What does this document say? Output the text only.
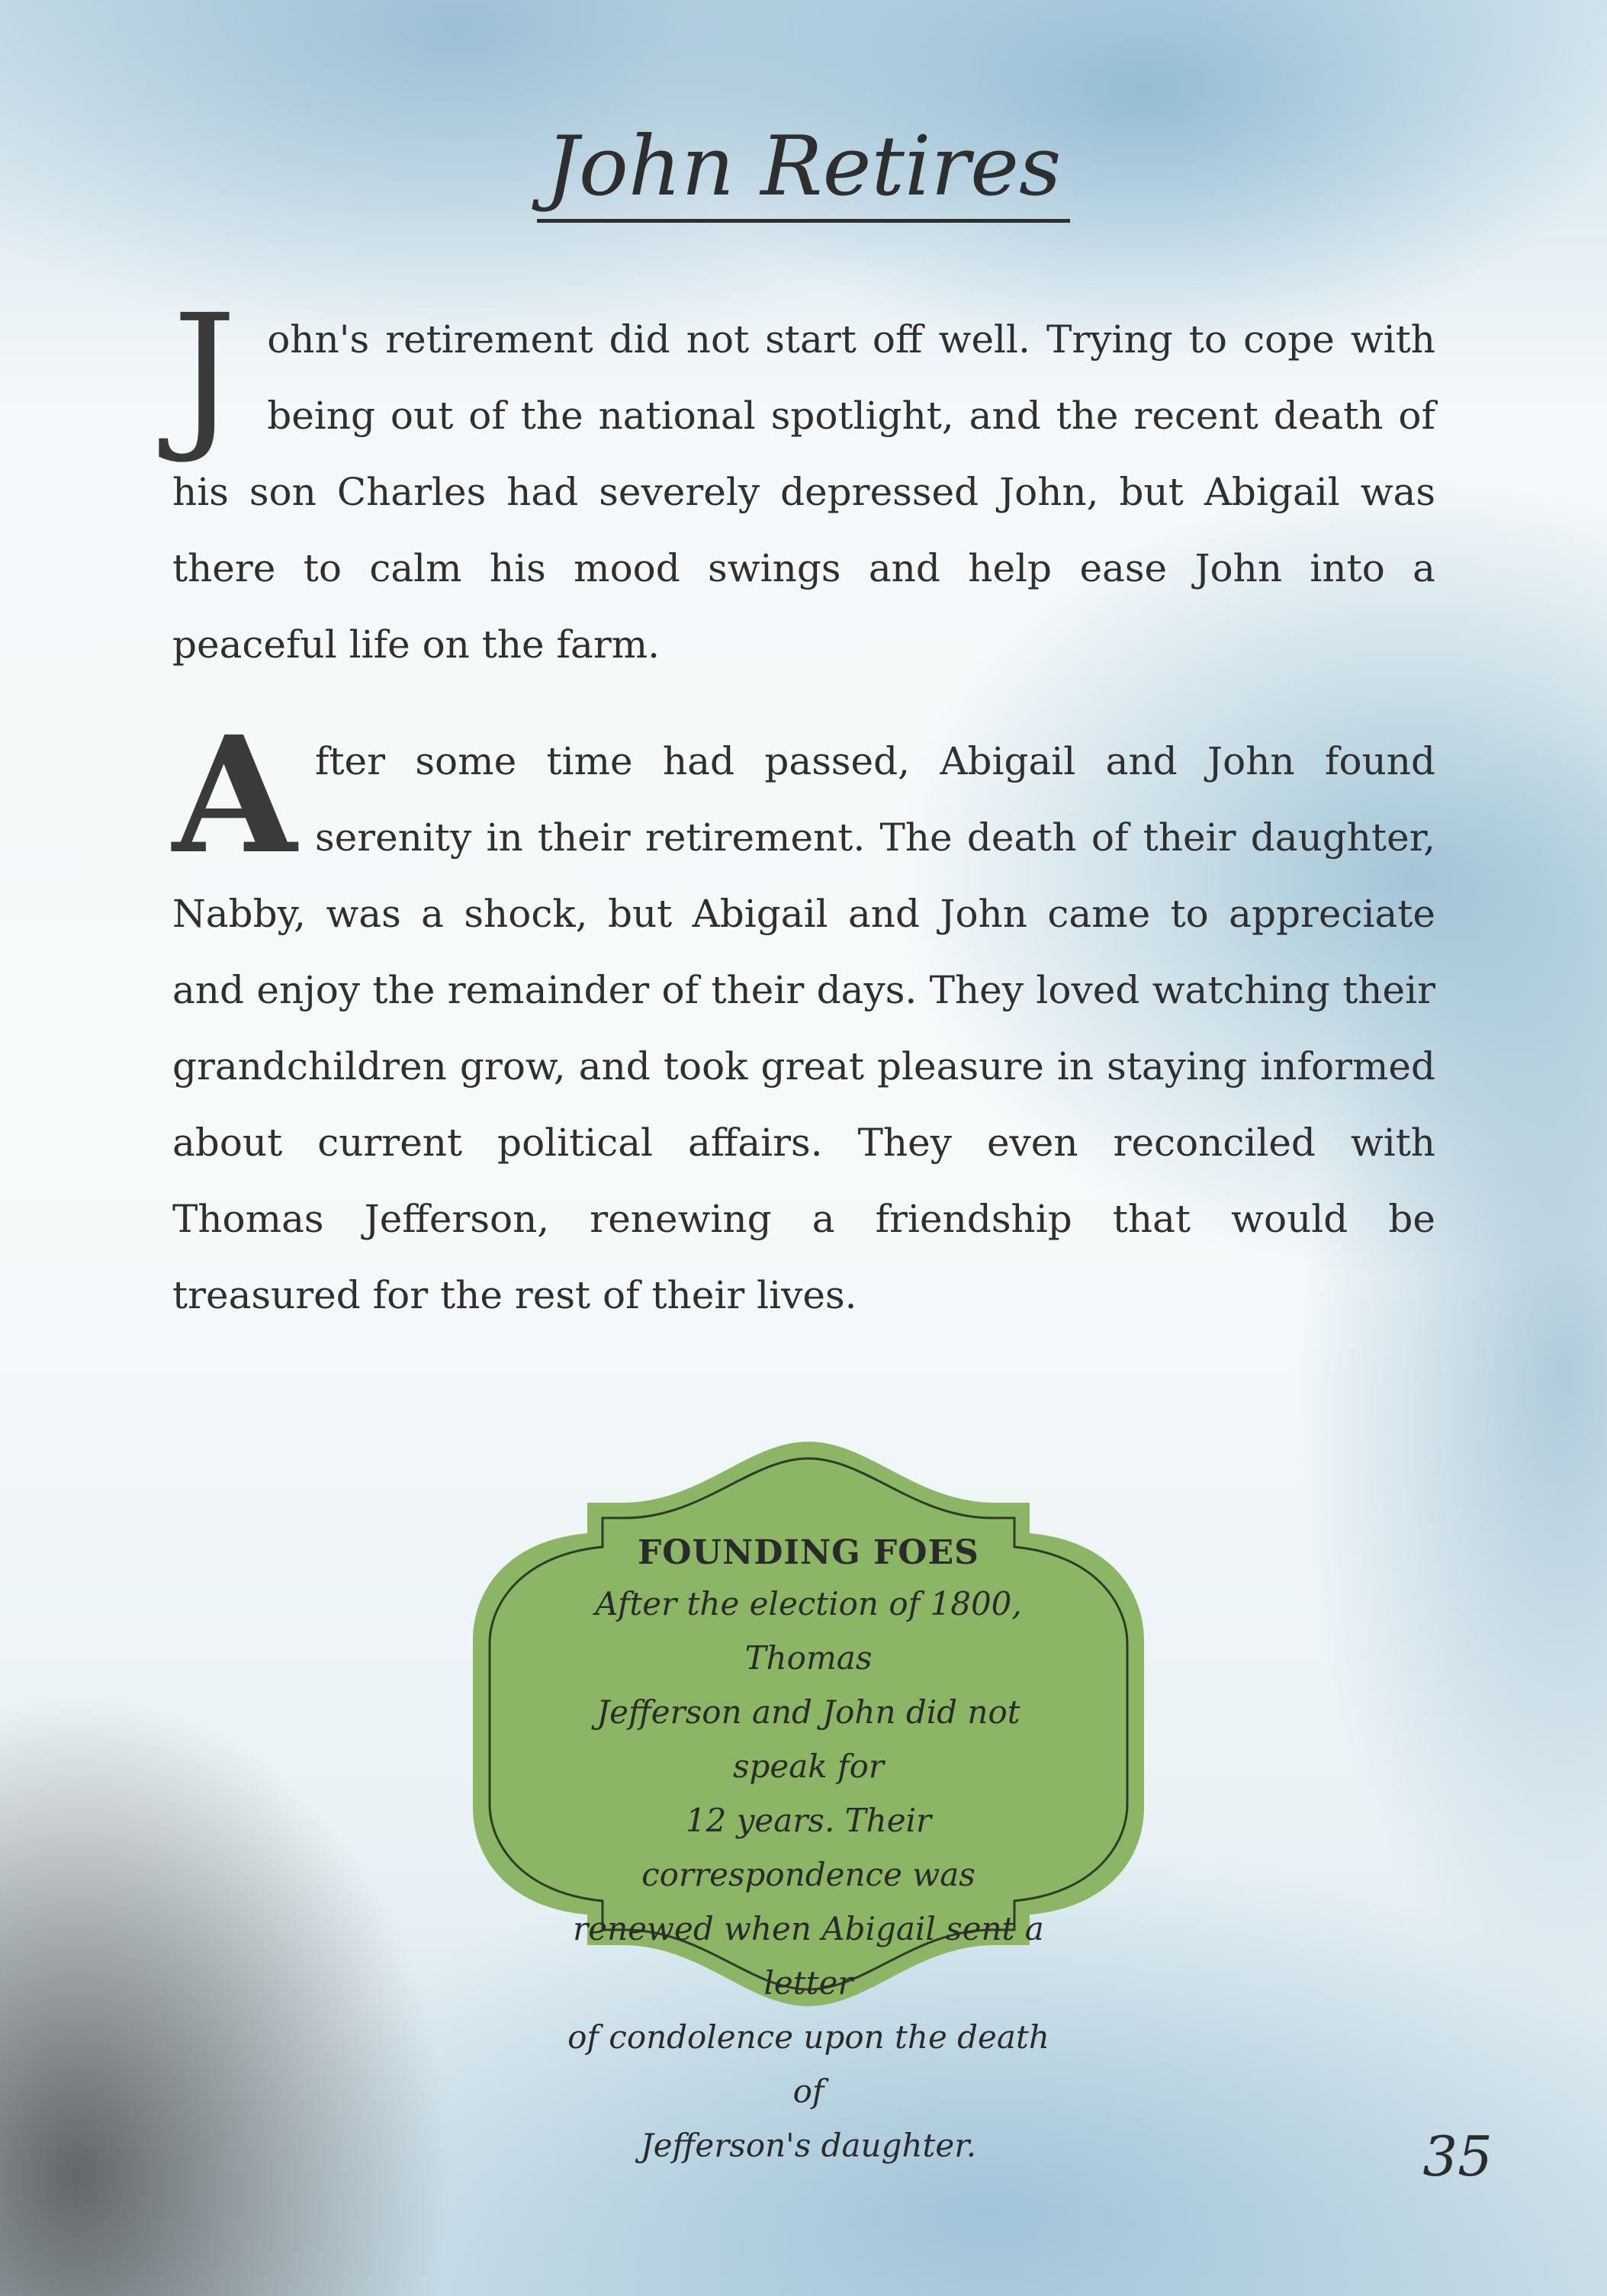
John Retires

John's retirement did not start off well. Trying to cope with being out of the national spotlight, and the recent death of his son Charles had severely depressed John, but Abigail was there to calm his mood swings and help ease John into a peaceful life on the farm.

After some time had passed, Abigail and John found serenity in their retirement. The death of their daughter, Nabby, was a shock, but Abigail and John came to appreciate and enjoy the remainder of their days. They loved watching their grandchildren grow, and took great pleasure in staying informed about current political affairs. They even reconciled with Thomas Jefferson, renewing a friendship that would be treasured for the rest of their lives.

FOUNDING FOES

After the election of 1800, Thomas
Jefferson and John did not speak for
12 years. Their correspondence was
renewed when Abigail sent a letter
of condolence upon the death of
Jefferson's daughter.	35
